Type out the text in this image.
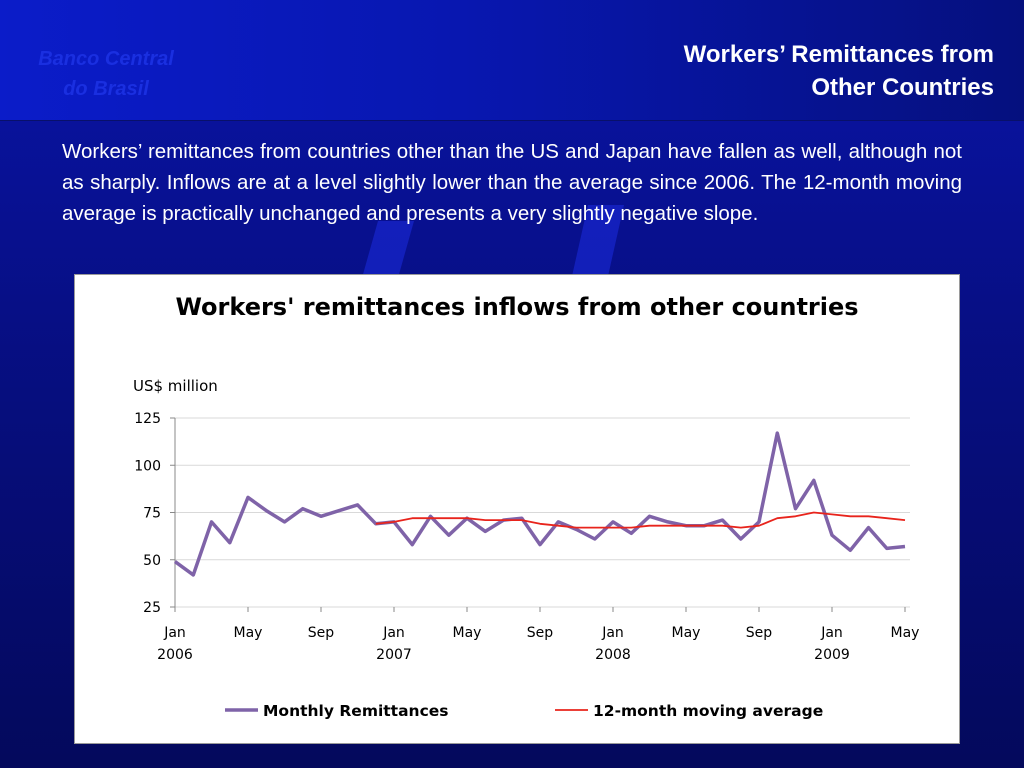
Banco Central
do Brasil
Workers’ Remittances from
Other Countries
Workers’ remittances from countries other than the US and Japan have fallen as well, although not as sharply. Inflows are at a level slightly lower than the average since 2006. The 12-month moving average is practically unchanged and presents a very slightly negative slope.
Workers' remittances inflows from other countries
US$ million
25
50
75
100
125
Jan
2006
May	Sep	Jan
2007
May	Sep	Jan
2008
May	Sep	Jan
2009
May
Monthly Remittances	12-month moving average
